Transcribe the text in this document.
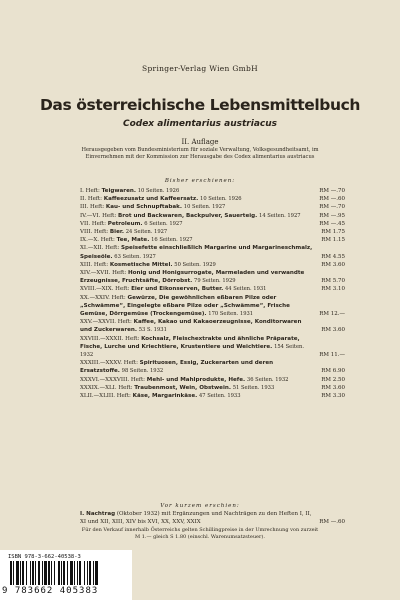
Springer-Verlag Wien GmbH
Das österreichische Lebensmittelbuch
Codex alimentarius austriacus
II. Auflage
Herausgegeben vom Bundesministerium für soziale Verwaltung, Volksgesundheitsamt, im Einvernehmen mit der Kommission zur Herausgabe des Codex alimentarius austriacus
Bisher erschienen:
I. Heft: Teigwaren. 10 Seiten. 1926	RM —.70
II. Heft: Kaffeezusatz und Kaffeersatz. 10 Seiten. 1926	RM —.60
III. Heft: Kau- und Schnupftabak. 10 Seiten. 1927	RM —.70
IV.—VI. Heft: Brot und Backwaren, Backpulver, Sauerteig. 14 Seiten. 1927	RM —.95
VII. Heft: Petroleum. 6 Seiten. 1927	RM —.45
VIII. Heft: Bier. 24 Seiten. 1927	RM 1.75
IX.—X. Heft: Tee, Mate. 16 Seiten. 1927	RM 1.15
XI.—XII. Heft: Speisefette einschließlich Margarine und Margarineschmalz, Speiseöle. 63 Seiten. 1927	RM 4.55
XIII. Heft: Kosmetische Mittel. 50 Seiten. 1929	RM 3.60
XIV.—XVII. Heft: Honig und Honigsurrogate, Marmeladen und verwandte Erzeugnisse, Fruchtsäfte, Dörrobst. 79 Seiten. 1929	RM 5.70
XVIII.—XIX. Heft: Eier und Eikonserven, Butter. 44 Seiten. 1931	RM 3.10
XX.—XXIV. Heft: Gewürze, Die gewöhnlichen eßbaren Pilze oder „Schwämme“, Eingelegte eßbare Pilze oder „Schwämme“, Frische Gemüse, Dörrgemüse (Trockengemüse). 170 Seiten. 1931	RM 12.—
XXV.—XXVII. Heft: Kaffee, Kakao und Kakaoerzeugnisse, Konditorwaren und Zuckerwaren. 53 S. 1931	RM 3.60
XXVIII.—XXXII. Heft: Kochsalz, Fleischextrakte und ähnliche Präparate, Fische, Lurche und Kriechtiere, Krustentiere und Weichtiere. 154 Seiten. 1932	RM 11.—
XXXIII.—XXXV. Heft: Spirituosen, Essig, Zuckerarten und deren Ersatzstoffe. 98 Seiten. 1932	RM 6.90
XXXVI.—XXXVIII. Heft: Mehl- und Mahlprodukte, Hefe. 36 Seiten. 1932	RM 2.50
XXXIX.—XLI. Heft: Traubenmost, Wein, Obstwein. 51 Seiten. 1933	RM 3.60
XLII.—XLIII. Heft: Käse, Margarinkäse. 47 Seiten. 1933	RM 3.30
Vor kurzem erschien:
I. Nachtrag (Oktober 1932) mit Ergänzungen und Nachträgen zu den Heften I, II, XI und XII, XIII, XIV bis XVI, XX, XXV, XXIX	RM —.60
Für den Verkauf innerhalb Österreichs gelten Schillingpreise in der Umrechnung von zurzeit M 1.— gleich S 1.80 (einschl. Warenumsatzsteuer).
ISBN 978-3-662-40538-3
9 783662 405383
